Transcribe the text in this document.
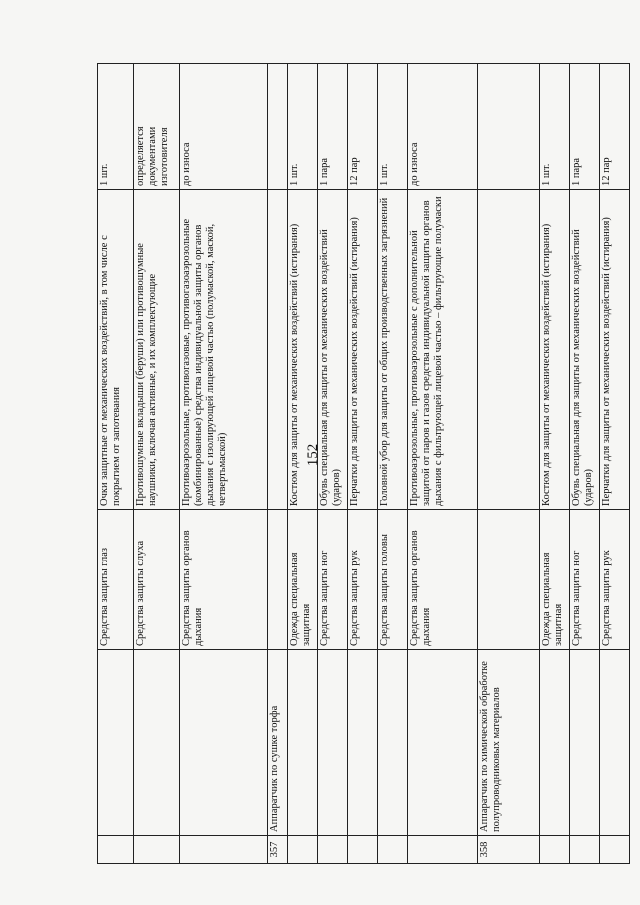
152
		Средства защиты глаз	Очки защитные от механических воздействий, в том числе с покрытием от запотевания	1 шт.
		Средства защиты слуха	Противошумные вкладыши (беруши) или противошумные наушники, включая активные, и их комплектующие	определяется документами изготовителя
		Средства защиты органов дыхания	Противоаэрозольные, противогазовые, противогазоаэрозольные (комбинированные) средства индивидуальной защиты органов дыхания с изолирующей лицевой частью (полумаской, маской, четвертьмаской)	до износа
357	Аппаратчик по сушке торфа			
		Одежда специальная защитная	Костюм для защиты от механических воздействий (истирания)	1 шт.
		Средства защиты ног	Обувь специальная для защиты от механических воздействий (ударов)	1 пара
		Средства защиты рук	Перчатки для защиты от механических воздействий (истирания)	12 пар
		Средства защиты головы	Головной убор для защиты от общих производственных загрязнений	1 шт.
		Средства защиты органов дыхания	Противоаэрозольные, противоаэрозольные с дополнительной защитой от паров и газов средства индивидуальной защиты органов дыхания с фильтрующей лицевой частью – фильтрующие полумаски	до износа
358	Аппаратчик по химической обработке полупроводниковых материалов			
		Одежда специальная защитная	Костюм для защиты от механических воздействий (истирания)	1 шт.
		Средства защиты ног	Обувь специальная для защиты от механических воздействий (ударов)	1 пара
		Средства защиты рук	Перчатки для защиты от механических воздействий (истирания)	12 пар
